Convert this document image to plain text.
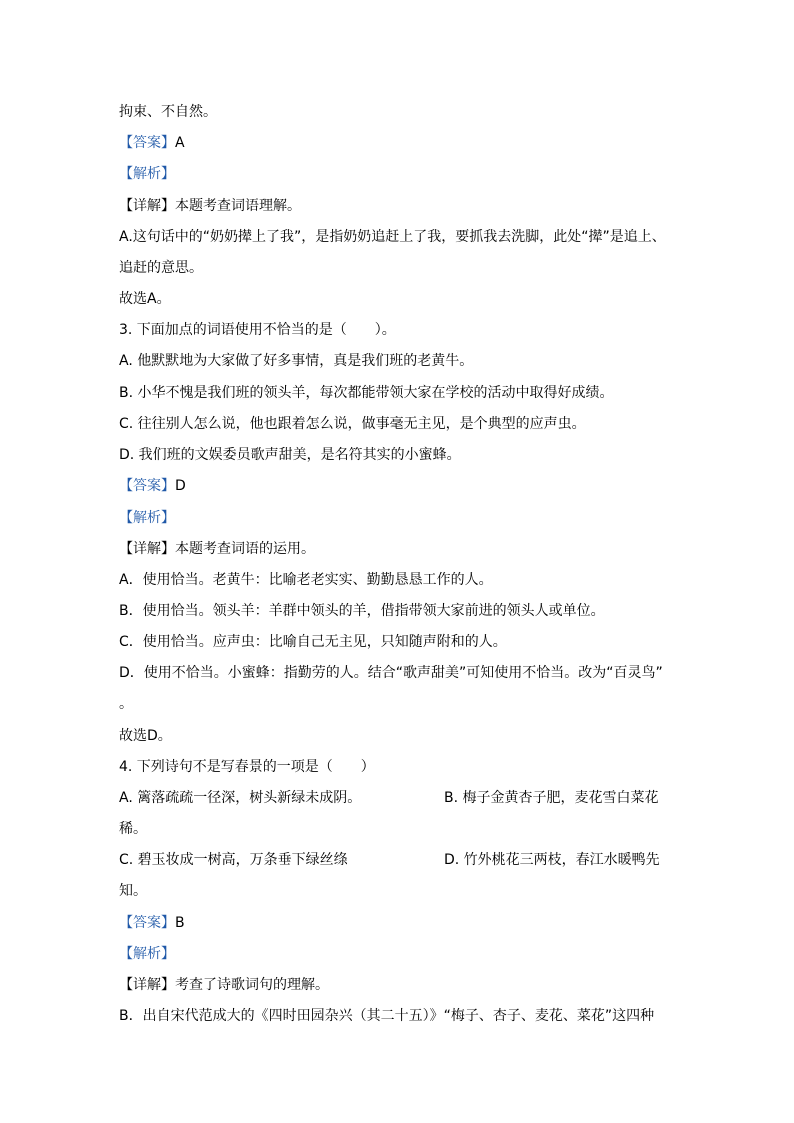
拘束、不自然。
【答案】A
【解析】
【详解】本题考查词语理解。
A.这句话中的“奶奶撵上了我”，是指奶奶追赶上了我，要抓我去洗脚，此处“撵”是追上、
追赶的意思。
故选A。
3. 下面加点的词语使用不恰当的是（　　）。
A. 他默默地为大家做了好多事情，真是我们班的老黄牛。
B. 小华不愧是我们班的领头羊，每次都能带领大家在学校的活动中取得好成绩。
C. 往往别人怎么说，他也跟着怎么说，做事毫无主见，是个典型的应声虫。
D. 我们班的文娱委员歌声甜美，是名符其实的小蜜蜂。
【答案】D
【解析】
【详解】本题考查词语的运用。
A．使用恰当。老黄牛：比喻老老实实、勤勤恳恳工作的人。
B．使用恰当。领头羊：羊群中领头的羊，借指带领大家前进的领头人或单位。
C．使用恰当。应声虫：比喻自己无主见，只知随声附和的人。
D．使用不恰当。小蜜蜂：指勤劳的人。结合“歌声甜美”可知使用不恰当。改为“百灵鸟”
。
故选D。
4. 下列诗句不是写春景的一项是（　　）
A. 篱落疏疏一径深，树头新绿未成阴。	B. 梅子金黄杏子肥，麦花雪白菜花
稀。
C. 碧玉妆成一树高，万条垂下绿丝绦	D. 竹外桃花三两枝，春江水暖鸭先
知。
【答案】B
【解析】
【详解】考查了诗歌词句的理解。
B．出自宋代范成大的《四时田园杂兴（其二十五）》“梅子、杏子、麦花、菜花”这四种
